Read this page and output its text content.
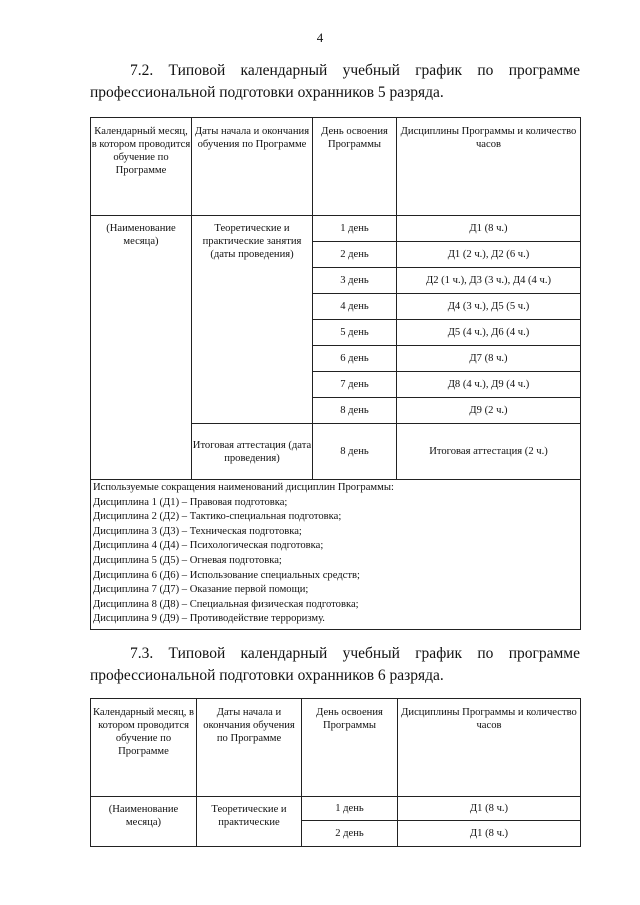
4
7.2. Типовой календарный учебный график по программе
профессиональной подготовки охранников 5 разряда.
Календарный месяц, в котором проводится обучение по Программе	Даты начала и окончания обучения по Программе	День освоения Программы	Дисциплины Программы и количество часов
(Наименование месяца)	Теоретические и практические занятия (даты проведения)	1 день	Д1 (8 ч.)
		2 день	Д1 (2 ч.), Д2 (6 ч.)
		3 день	Д2 (1 ч.), Д3 (3 ч.), Д4 (4 ч.)
		4 день	Д4 (3 ч.), Д5 (5 ч.)
		5 день	Д5 (4 ч.), Д6 (4 ч.)
		6 день	Д7 (8 ч.)
		7 день	Д8 (4 ч.), Д9 (4 ч.)
		8 день	Д9 (2 ч.)
	Итоговая аттестация (дата проведения)	8 день	Итоговая аттестация (2 ч.)

Используемые сокращения наименований дисциплин Программы:
Дисциплина 1 (Д1) – Правовая подготовка;
Дисциплина 2 (Д2) – Тактико-специальная подготовка;
Дисциплина 3 (Д3) – Техническая подготовка;
Дисциплина 4 (Д4) – Психологическая подготовка;
Дисциплина 5 (Д5) – Огневая подготовка;
Дисциплина 6 (Д6) – Использование специальных средств;
Дисциплина 7 (Д7) – Оказание первой помощи;
Дисциплина 8 (Д8) – Специальная физическая подготовка;
Дисциплина 9 (Д9) – Противодействие терроризму.
7.3. Типовой календарный учебный график по программе
профессиональной подготовки охранников 6 разряда.
Календарный месяц, в котором проводится обучение по Программе	Даты начала и окончания обучения по Программе	День освоения Программы	Дисциплины Программы и количество часов
(Наименование месяца)	Теоретические и практические	1 день	Д1 (8 ч.)
		2 день	Д1 (8 ч.)
